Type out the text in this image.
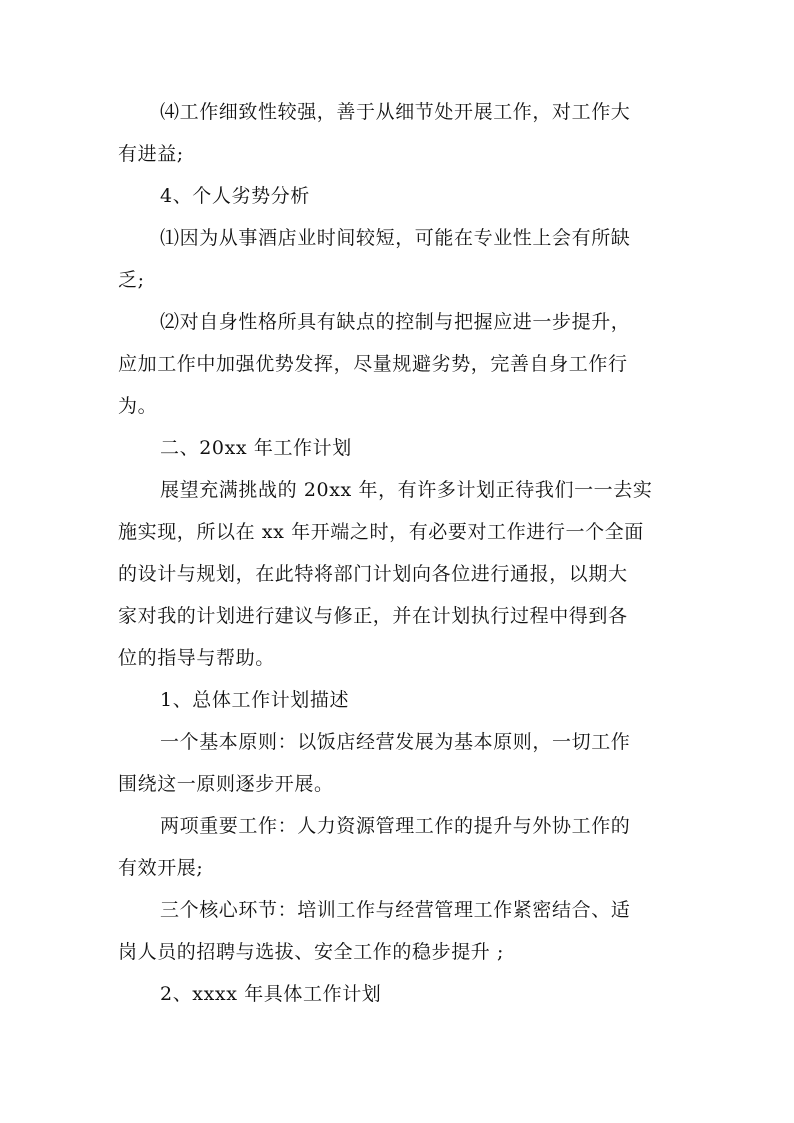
⑷工作细致性较强，善于从细节处开展工作，对工作大
有进益;
4、个人劣势分析
⑴因为从事酒店业时间较短，可能在专业性上会有所缺
乏;
⑵对自身性格所具有缺点的控制与把握应进一步提升，
应加工作中加强优势发挥，尽量规避劣势，完善自身工作行
为。
二、20xx 年工作计划
展望充满挑战的 20xx 年，有许多计划正待我们一一去实
施实现，所以在 xx 年开端之时，有必要对工作进行一个全面
的设计与规划，在此特将部门计划向各位进行通报，以期大
家对我的计划进行建议与修正，并在计划执行过程中得到各
位的指导与帮助。
1、总体工作计划描述
一个基本原则：以饭店经营发展为基本原则，一切工作
围绕这一原则逐步开展。
两项重要工作：人力资源管理工作的提升与外协工作的
有效开展;
三个核心环节：培训工作与经营管理工作紧密结合、适
岗人员的招聘与选拔、安全工作的稳步提升 ;
2、xxxx 年具体工作计划
